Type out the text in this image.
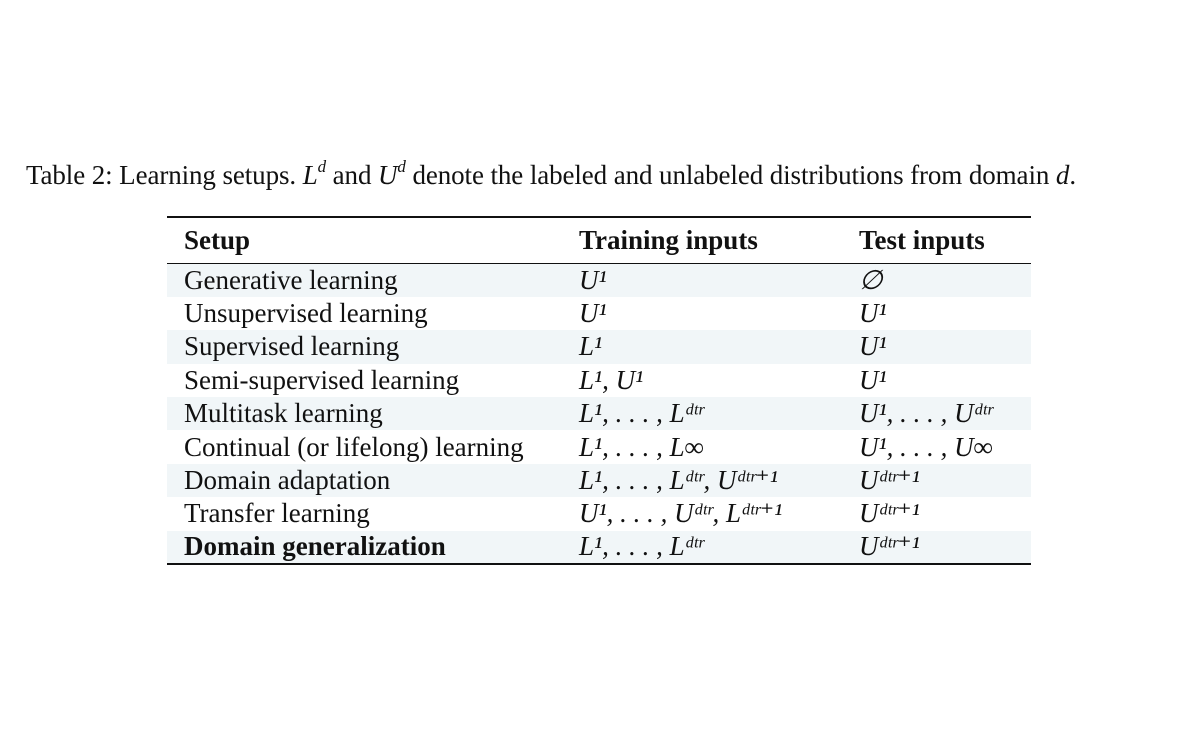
Table 2: Learning setups. $L^d$ and $U^d$ denote the labeled and unlabeled distributions from domain d.
Setup	Training inputs	Test inputs
Generative learning	U¹	∅
Unsupervised learning	U¹	U¹
Supervised learning	L¹	U¹
Semi-supervised learning	L¹, U¹	U¹
Multitask learning	L¹, . . . , Lᵈᵗʳ	U¹, . . . , Uᵈᵗʳ
Continual (or lifelong) learning	L¹, . . . , L∞	U¹, . . . , U∞
Domain adaptation	L¹, . . . , Lᵈᵗʳ, Uᵈᵗʳ⁺¹	Uᵈᵗʳ⁺¹
Transfer learning	U¹, . . . , Uᵈᵗʳ, Lᵈᵗʳ⁺¹	Uᵈᵗʳ⁺¹
Domain generalization	L¹, . . . , Lᵈᵗʳ	Uᵈᵗʳ⁺¹
